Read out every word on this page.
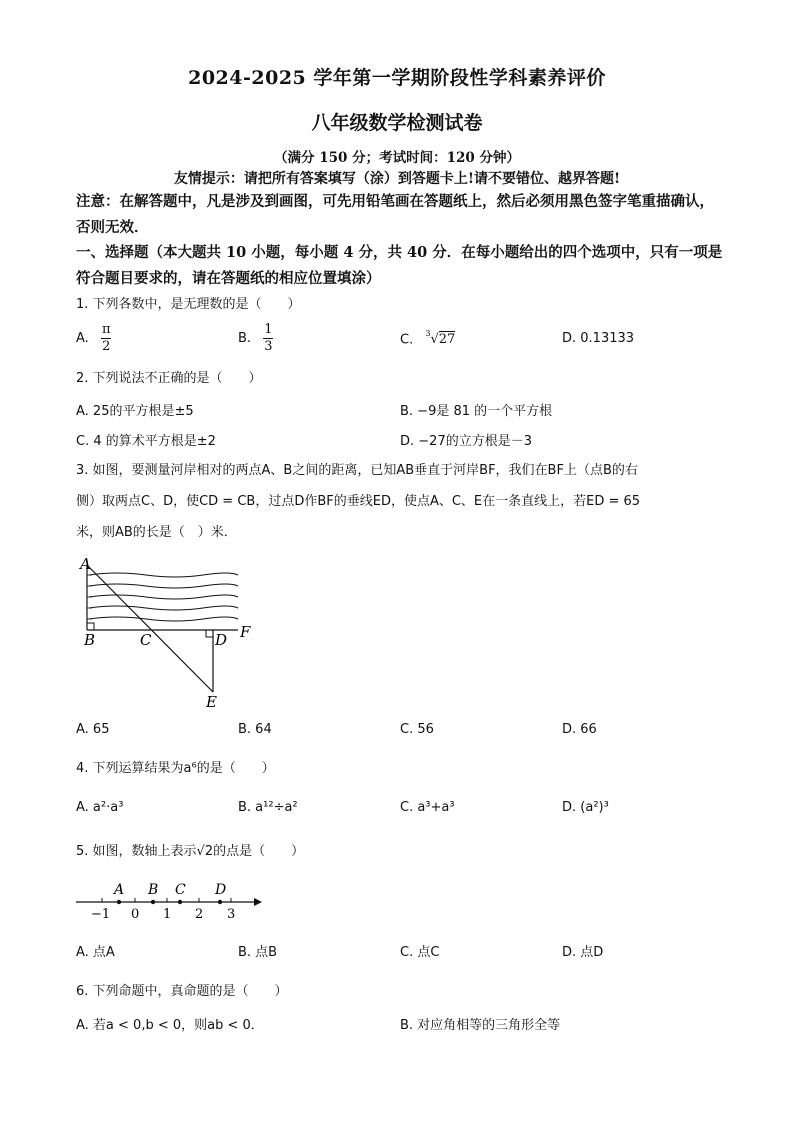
2024-2025 学年第一学期阶段性学科素养评价
八年级数学检测试卷
（满分 150 分；考试时间：120 分钟）
友情提示：请把所有答案填写（涂）到答题卡上!请不要错位、越界答题!
注意：在解答题中，凡是涉及到画图，可先用铅笔画在答题纸上，然后必须用黑色签字笔重描确认，否则无效．
一、选择题（本大题共 10 小题，每小题 4 分，共 40 分．在每小题给出的四个选项中，只有一项是符合题目要求的，请在答题纸的相应位置填涂）
1. 下列各数中，是无理数的是（　　）
A. $\frac{\pi}{2}$	B. $\frac{1}{3}$	C. $^3$√27	D. 0.13133
2. 下列说法不正确的是（　　）
A. 25的平方根是±5	B. −9是 81 的一个平方根
C. 4 的算术平方根是±2	D. −27的立方根是－3
3. 如图，要测量河岸相对的两点A、B之间的距离，已知AB垂直于河岸BF，我们在BF上（点B的右
侧）取两点C、D，使CD = CB，过点D作BF的垂线ED，使点A、C、E在一条直线上，若ED = 65
米，则AB的长是（　）米．
A
B	C	D F
E
A. 65	B. 64	C. 56	D. 66
4. 下列运算结果为a⁶的是（　　）
A. a²·a³	B. a¹²÷a²	C. a³+a³	D. (a²)³
5. 如图，数轴上表示√2的点是（　　）
A B C D
−1 0 1 2 3
A. 点A	B. 点B	C. 点C	D. 点D
6. 下列命题中，真命题的是（　　）
A. 若a < 0,b < 0，则ab < 0．	B. 对应角相等的三角形全等
